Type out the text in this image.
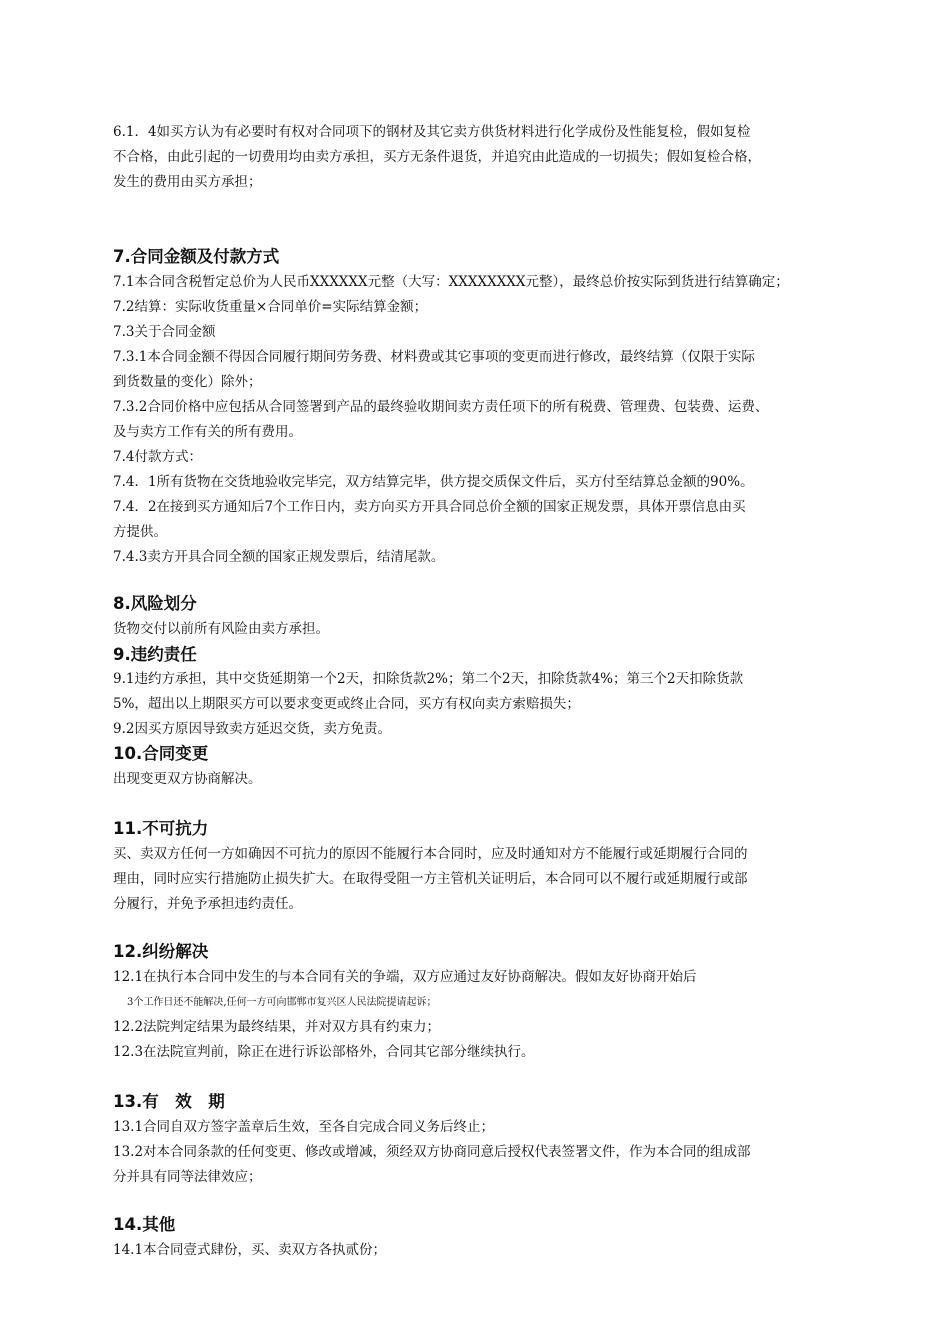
6.1．4如买方认为有必要时有权对合同项下的钢材及其它卖方供货材料进行化学成份及性能复检，假如复检

不合格，由此引起的一切费用均由卖方承担，买方无条件退货，并追究由此造成的一切损失；假如复检合格，

发生的费用由买方承担；

7.合同金额及付款方式

7.1本合同含税暂定总价为人民币XXXXXX元整（大写：XXXXXXXX元整），最终总价按实际到货进行结算确定；

7.2结算：实际收货重量×合同单价=实际结算金额；

7.3关于合同金额

7.3.1本合同金额不得因合同履行期间劳务费、材料费或其它事项的变更而进行修改，最终结算（仅限于实际

到货数量的变化）除外；

7.3.2合同价格中应包括从合同签署到产品的最终验收期间卖方责任项下的所有税费、管理费、包装费、运费、

及与卖方工作有关的所有费用。

7.4付款方式：

7.4．1所有货物在交货地验收完毕完，双方结算完毕，供方提交质保文件后，买方付至结算总金额的90%。

7.4．2在接到买方通知后7个工作日内，卖方向买方开具合同总价全额的国家正规发票，具体开票信息由买

方提供。

7.4.3卖方开具合同全额的国家正规发票后，结清尾款。

8.风险划分

货物交付以前所有风险由卖方承担。

9.违约责任

9.1违约方承担，其中交货延期第一个2天，扣除货款2%；第二个2天，扣除货款4%；第三个2天扣除货款

5%，超出以上期限买方可以要求变更或终止合同，买方有权向卖方索赔损失；

9.2因买方原因导致卖方延迟交货，卖方免责。

10.合同变更

出现变更双方协商解决。

11.不可抗力

买、卖双方任何一方如确因不可抗力的原因不能履行本合同时，应及时通知对方不能履行或延期履行合同的

理由，同时应实行措施防止损失扩大。在取得受阻一方主管机关证明后，本合同可以不履行或延期履行或部

分履行，并免予承担违约责任。

12.纠纷解决

12.1在执行本合同中发生的与本合同有关的争端，双方应通过友好协商解决。假如友好协商开始后

3个工作日还不能解决,任何一方可向邯郸市复兴区人民法院提请起诉；

12.2法院判定结果为最终结果，并对双方具有约束力；

12.3在法院宣判前，除正在进行诉讼部格外，合同其它部分继续执行。

13.有　效　期

13.1合同自双方签字盖章后生效，至各自完成合同义务后终止；

13.2对本合同条款的任何变更、修改或增减，须经双方协商同意后授权代表签署文件，作为本合同的组成部

分并具有同等法律效应；

14.其他

14.1本合同壹式肆份，买、卖双方各执贰份；
